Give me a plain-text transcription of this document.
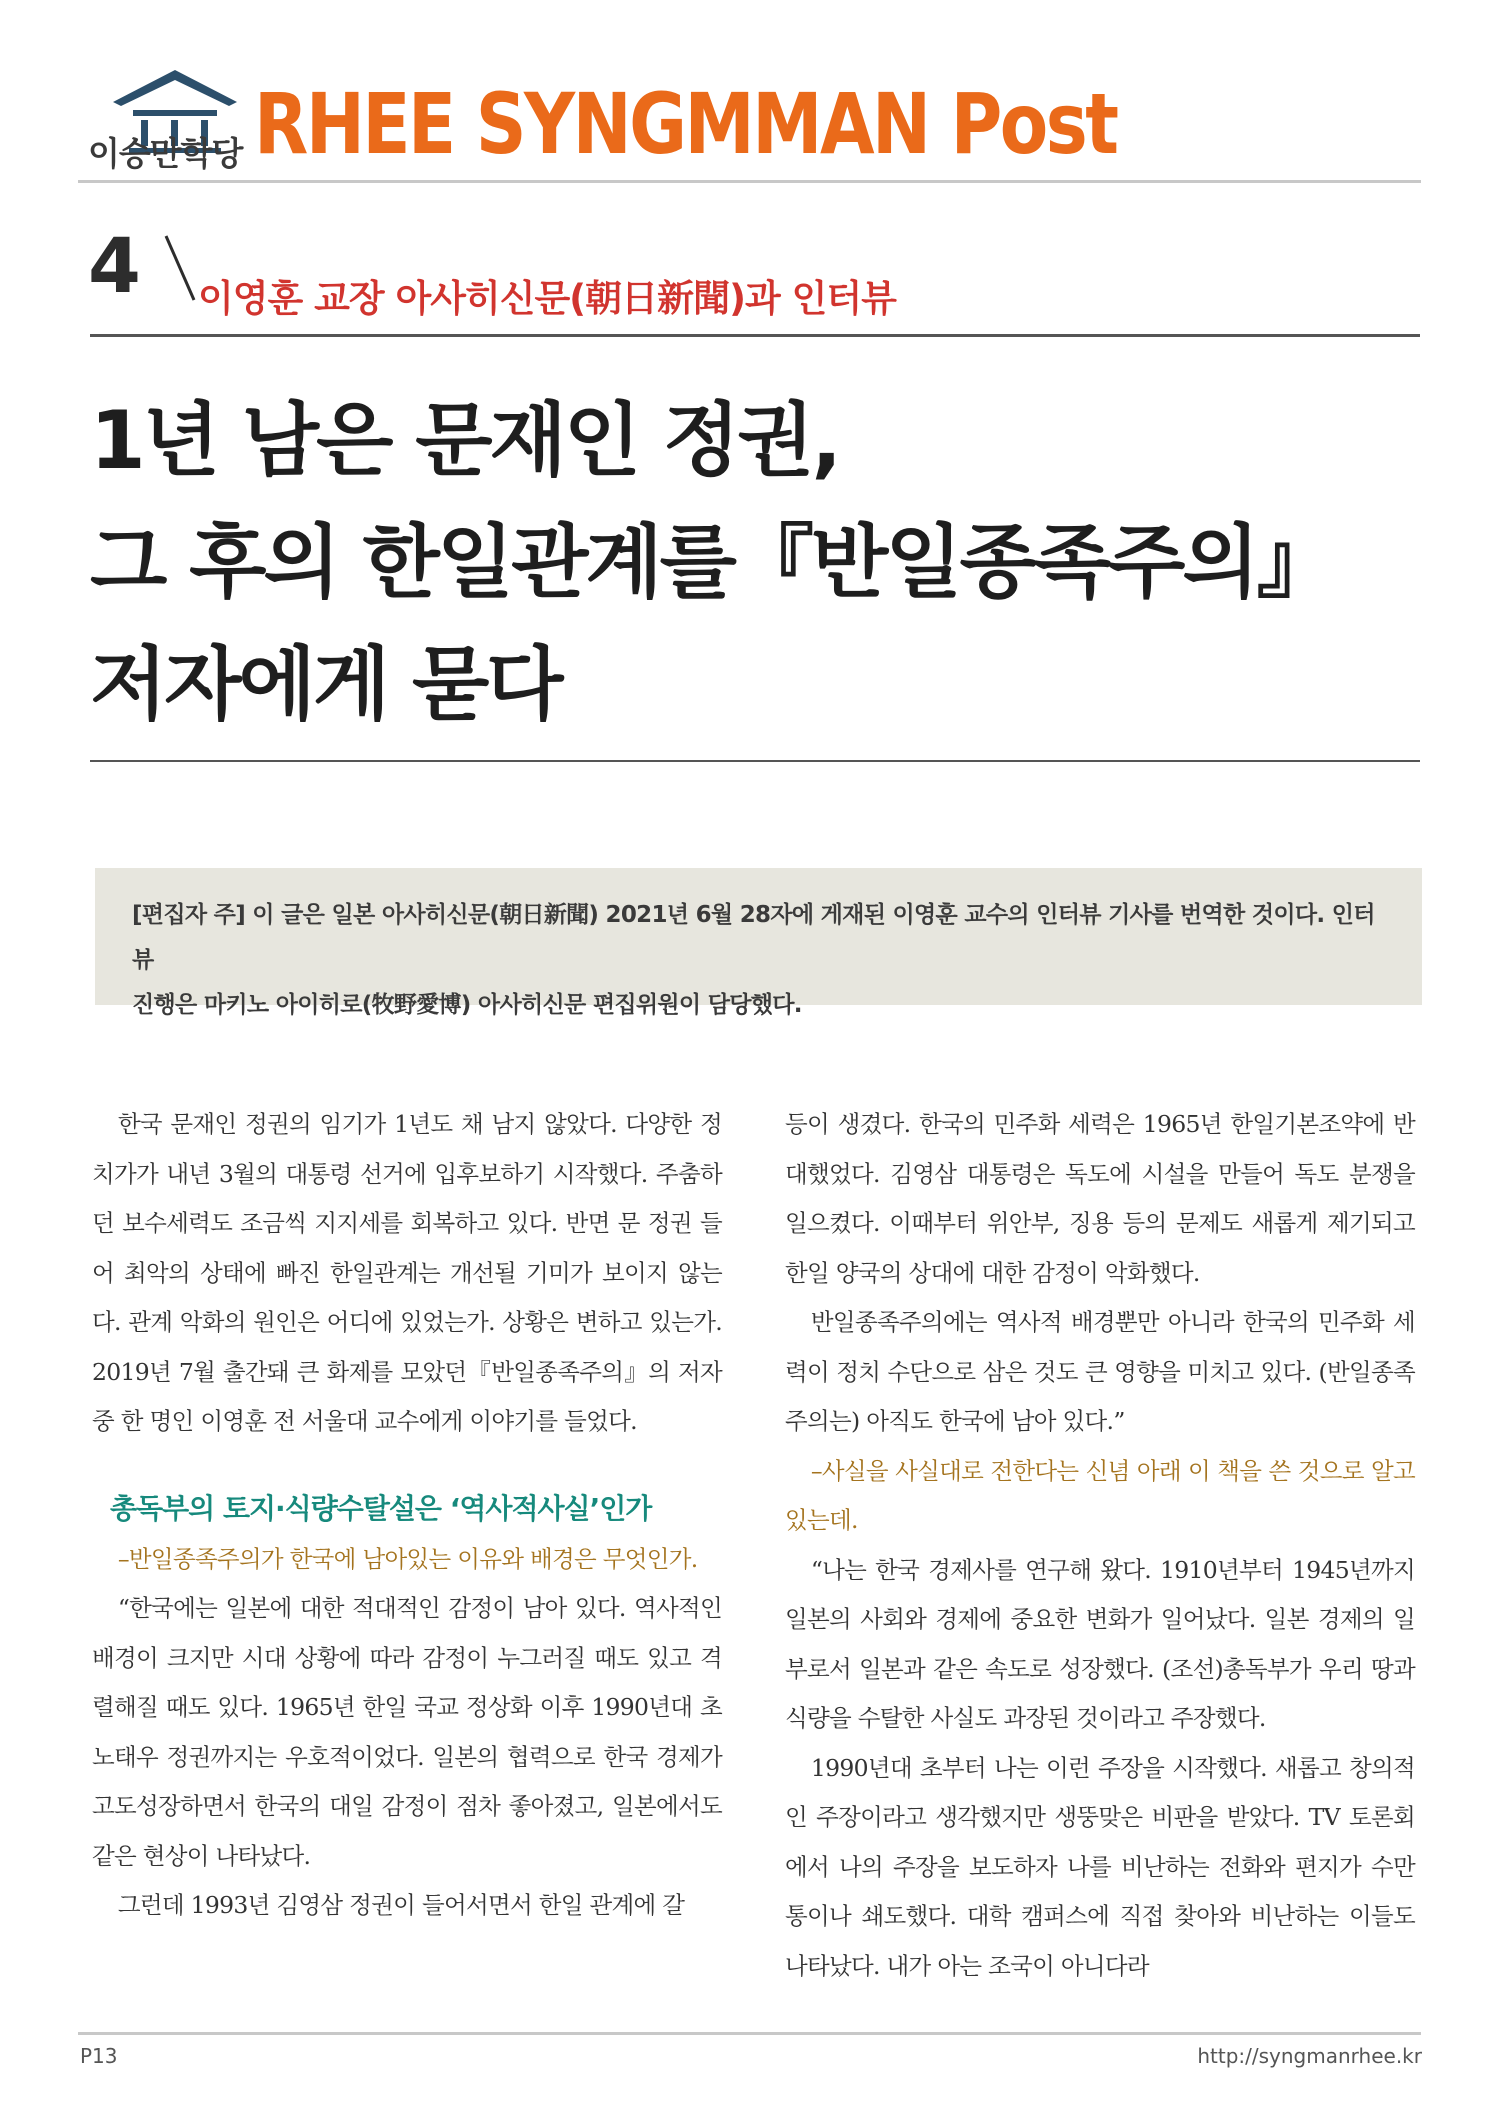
이승만학당 RHEE SYNGMMAN Post
4 이영훈 교장 아사히신문(朝日新聞)과 인터뷰
1년 남은 문재인 정권,
그 후의 한일관계를『반일종족주의』
저자에게 묻다
[편집자 주] 이 글은 일본 아사히신문(朝日新聞) 2021년 6월 28자에 게재된 이영훈 교수의 인터뷰 기사를 번역한 것이다. 인터뷰
진행은 마키노 아이히로(牧野愛博) 아사히신문 편집위원이 담당했다.

한국 문재인 정권의 임기가 1년도 채 남지 않았다. 다양한 정치가가 내년 3월의 대통령 선거에 입후보하기 시작했다. 주춤하던 보수세력도 조금씩 지지세를 회복하고 있다. 반면 문 정권 들어 최악의 상태에 빠진 한일관계는 개선될 기미가 보이지 않는다. 관계 악화의 원인은 어디에 있었는가. 상황은 변하고 있는가. 2019년 7월 출간돼 큰 화제를 모았던『반일종족주의』의 저자 중 한 명인 이영훈 전 서울대 교수에게 이야기를 들었다.

총독부의 토지·식량수탈설은 ‘역사적사실’인가

–반일종족주의가 한국에 남아있는 이유와 배경은 무엇인가.

“한국에는 일본에 대한 적대적인 감정이 남아 있다. 역사적인 배경이 크지만 시대 상황에 따라 감정이 누그러질 때도 있고 격렬해질 때도 있다. 1965년 한일 국교 정상화 이후 1990년대 초 노태우 정권까지는 우호적이었다. 일본의 협력으로 한국 경제가 고도성장하면서 한국의 대일 감정이 점차 좋아졌고, 일본에서도 같은 현상이 나타났다.

그런데 1993년 김영삼 정권이 들어서면서 한일 관계에 갈

등이 생겼다. 한국의 민주화 세력은 1965년 한일기본조약에 반대했었다. 김영삼 대통령은 독도에 시설을 만들어 독도 분쟁을 일으켰다. 이때부터 위안부, 징용 등의 문제도 새롭게 제기되고 한일 양국의 상대에 대한 감정이 악화했다.

반일종족주의에는 역사적 배경뿐만 아니라 한국의 민주화 세력이 정치 수단으로 삼은 것도 큰 영향을 미치고 있다. (반일종족주의는) 아직도 한국에 남아 있다.”

–사실을 사실대로 전한다는 신념 아래 이 책을 쓴 것으로 알고 있는데.

“나는 한국 경제사를 연구해 왔다. 1910년부터 1945년까지 일본의 사회와 경제에 중요한 변화가 일어났다. 일본 경제의 일부로서 일본과 같은 속도로 성장했다. (조선)총독부가 우리 땅과 식량을 수탈한 사실도 과장된 것이라고 주장했다.

1990년대 초부터 나는 이런 주장을 시작했다. 새롭고 창의적인 주장이라고 생각했지만 생뚱맞은 비판을 받았다. TV 토론회에서 나의 주장을 보도하자 나를 비난하는 전화와 편지가 수만 통이나 쇄도했다. 대학 캠퍼스에 직접 찾아와 비난하는 이들도 나타났다. 내가 아는 조국이 아니다라

P13	http://syngmanrhee.kr
